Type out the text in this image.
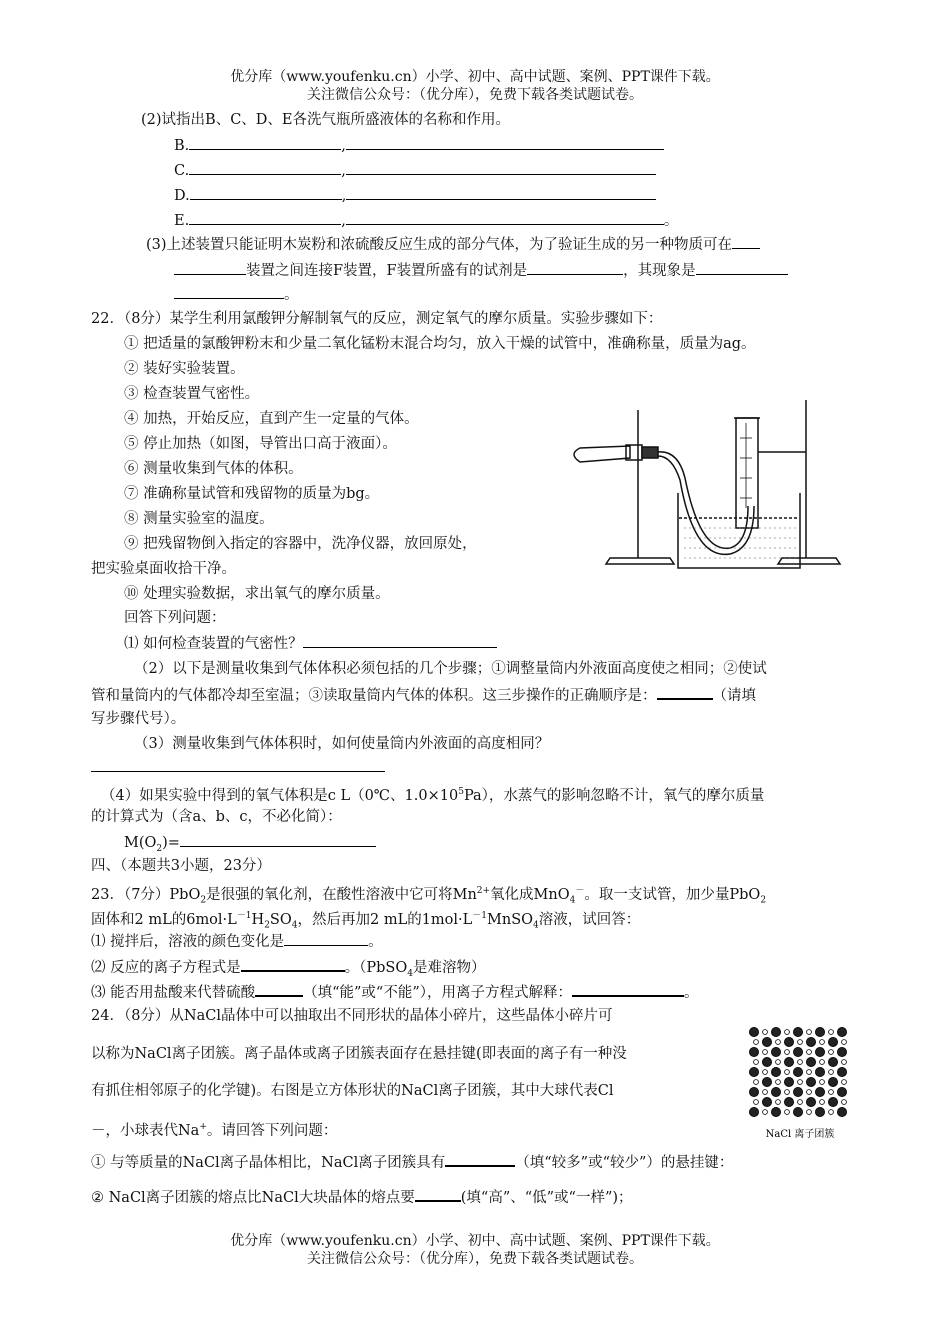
优分库（www.youfenku.cn）小学、初中、高中试题、案例、PPT课件下载。
关注微信公众号：（优分库），免费下载各类试题试卷。
(2)试指出B、C、D、E各洗气瓶所盛液体的名称和作用。
B.	,
C.	,
D.	,
E.	,	。
(3)上述装置只能证明木炭粉和浓硫酸反应生成的部分气体，为了验证生成的另一种物质可在
装置之间连接F装置，F装置所盛有的试剂是	，其现象是
。
22．（8分）某学生利用氯酸钾分解制氧气的反应，测定氧气的摩尔质量。实验步骤如下：
① 把适量的氯酸钾粉末和少量二氧化锰粉末混合均匀，放入干燥的试管中，准确称量，质量为ag。
② 装好实验装置。
③ 检查装置气密性。
④ 加热，开始反应，直到产生一定量的气体。
⑤ 停止加热（如图，导管出口高于液面）。
⑥ 测量收集到气体的体积。
⑦ 准确称量试管和残留物的质量为bg。
⑧ 测量实验室的温度。
⑨ 把残留物倒入指定的容器中，洗净仪器，放回原处，
把实验桌面收拾干净。
⑩ 处理实验数据，求出氧气的摩尔质量。
回答下列问题：
⑴ 如何检查装置的气密性？
（2）以下是测量收集到气体体积必须包括的几个步骤；①调整量筒内外液面高度使之相同；②使试
管和量筒内的气体都冷却至室温；③读取量筒内气体的体积。这三步操作的正确顺序是：	（请填
写步骤代号）。
（3）测量收集到气体体积时，如何使量筒内外液面的高度相同？
（4）如果实验中得到的氧气体积是c L（0℃、$1.0\times 10^5Pa$），水蒸气的影响忽略不计，氧气的摩尔质量
的计算式为（含a、b、c，不必化简）：
$M(O_2)=$
四、（本题共3小题，23分）
23．（7分）PbO$_2$是很强的氧化剂，在酸性溶液中它可将$Mn^{2+}$氧化成MnO$_4$－。取一支试管，加少量PbO$_2$
固体和2 mL的$6mol\cdot L^{-1}H_2SO_4$，然后再加2 mL的$1mol\cdot L^{-1}MnSO_4$溶液，试回答：
⑴ 搅拌后，溶液的颜色变化是	。
⑵ 反应的离子方程式是	。（PbSO$_4$是难溶物）
⑶ 能否用盐酸来代替硫酸	（填“能”或“不能”），用离子方程式解释：	。
24．（8分）从NaCl晶体中可以抽取出不同形状的晶体小碎片，这些晶体小碎片可
以称为NaCl离子团簇。离子晶体或离子团簇表面存在悬挂键(即表面的离子有一种没
有抓住相邻原子的化学键)。右图是立方体形状的NaCl离子团簇，其中大球代表Cl
－，小球表代Na+。请回答下列问题：
① 与等质量的NaCl离子晶体相比，NaCl离子团簇具有	（填“较多”或“较少”）的悬挂键：
② NaCl离子团簇的熔点比NaCl大块晶体的熔点要	(填“高”、“低”或“一样”)；
NaCl 离子团簇
优分库（www.youfenku.cn）小学、初中、高中试题、案例、PPT课件下载。
关注微信公众号：（优分库），免费下载各类试题试卷。
